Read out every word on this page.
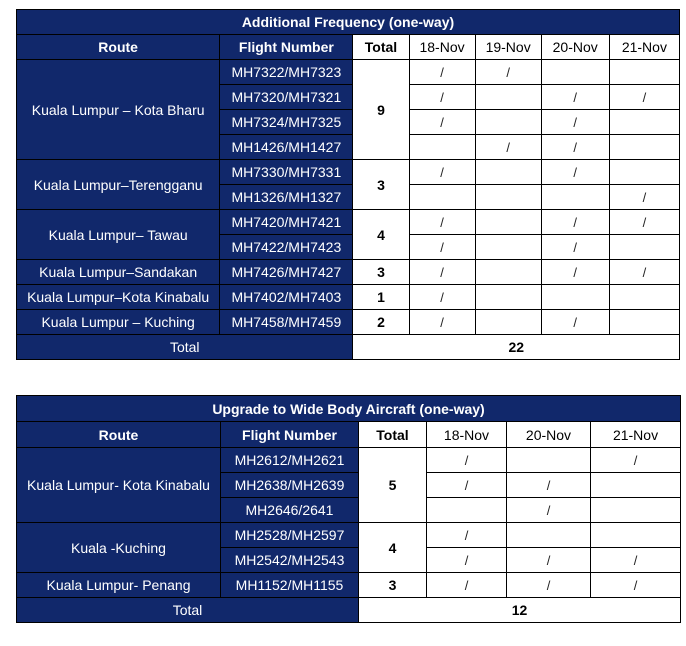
Additional Frequency (one-way)						
Route	Flight Number	Total	18-Nov	19-Nov	20-Nov	21-Nov
Kuala Lumpur – Kota Bharu	MH7322/MH7323	9	/	/		
	MH7320/MH7321		/		/	/
	MH7324/MH7325		/		/	
	MH1426/MH1427			/	/	
Kuala Lumpur–Terengganu	MH7330/MH7331	3	/		/	
	MH1326/MH1327					/
Kuala Lumpur– Tawau	MH7420/MH7421	4	/		/	/
	MH7422/MH7423		/		/	
Kuala Lumpur–Sandakan	MH7426/MH7427	3	/		/	/
Kuala Lumpur–Kota Kinabalu	MH7402/MH7403	1	/			
Kuala Lumpur – Kuching	MH7458/MH7459	2	/		/	
Total		22				
Upgrade to Wide Body Aircraft (one-way)					
Route	Flight Number	Total	18-Nov	20-Nov	21-Nov
Kuala Lumpur- Kota Kinabalu	MH2612/MH2621	5	/		/
	MH2638/MH2639		/	/	
	MH2646/2641			/	
Kuala -Kuching	MH2528/MH2597	4	/		
	MH2542/MH2543		/	/	/
Kuala Lumpur- Penang	MH1152/MH1155	3	/	/	/
Total		12			
